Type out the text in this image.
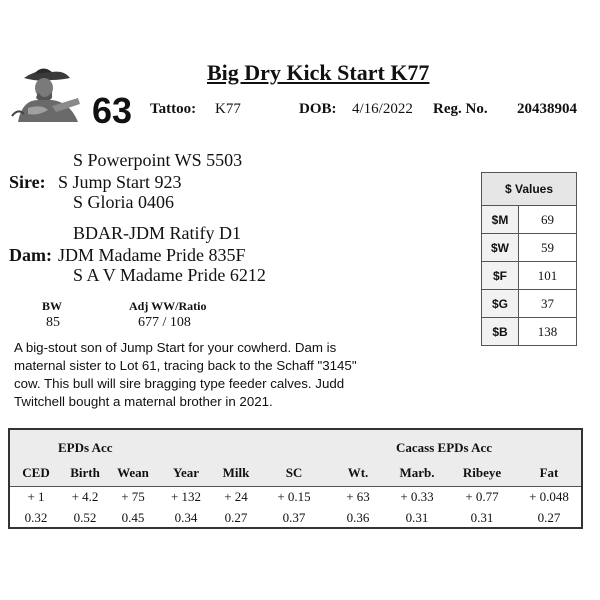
Big Dry Kick Start K77
63 Tattoo: K77	DOB: 4/16/2022 Reg. No. 20438904
S Powerpoint WS 5503
Sire: S Jump Start 923
S Gloria 0406
BDAR-JDM Ratify D1
Dam: JDM Madame Pride 835F
S A V Madame Pride 6212
BW
85
Adj WW/Ratio
677 / 108
$ Values	
$M	69
$W	59
$F	101
$G	37
$B	138
A big-stout son of Jump Start for your cowherd. Dam is maternal sister to Lot 61, tracing back to the Schaff "3145" cow. This bull will sire bragging type feeder calves. Judd Twitchell bought a maternal brother in 2021.
EPDs Acc	Cacass EPDs Acc
CED	Birth	Wean	Year	Milk	SC	Wt.	Marb.	Ribeye	Fat
+ 1	+ 4.2	+ 75	+ 132	+ 24	+ 0.15	+ 63	+ 0.33	+ 0.77	+ 0.048
0.32	0.52	0.45	0.34	0.27	0.37	0.36	0.31	0.31	0.27
